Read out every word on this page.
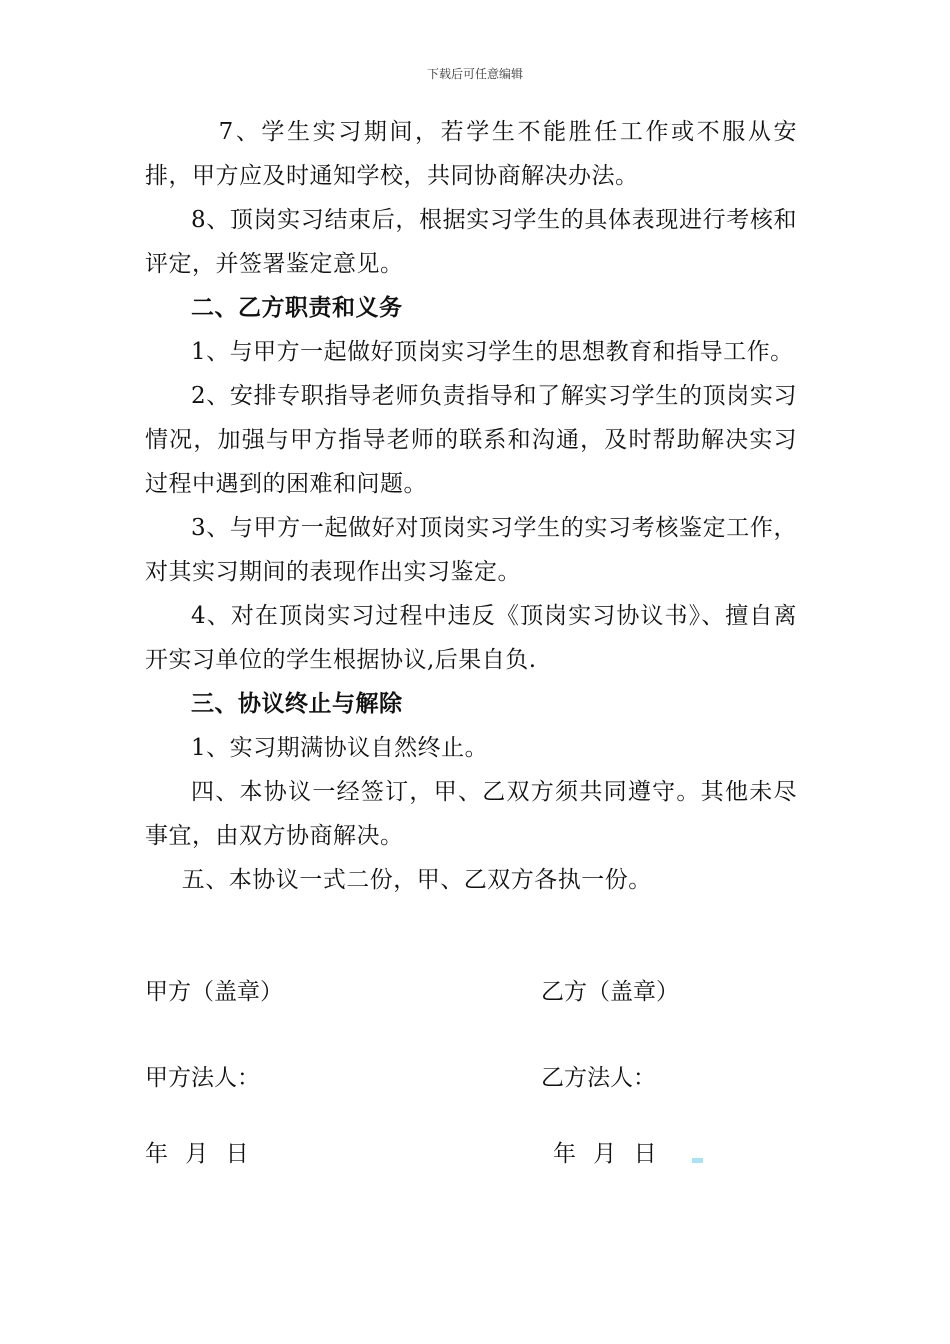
下载后可任意编辑

7、学生实习期间，若学生不能胜任工作或不服从安排，甲方应及时通知学校，共同协商解决办法。

8、顶岗实习结束后，根据实习学生的具体表现进行考核和评定，并签署鉴定意见。

二、乙方职责和义务

1、与甲方一起做好顶岗实习学生的思想教育和指导工作。

2、安排专职指导老师负责指导和了解实习学生的顶岗实习情况，加强与甲方指导老师的联系和沟通，及时帮助解决实习过程中遇到的困难和问题。

3、与甲方一起做好对顶岗实习学生的实习考核鉴定工作，对其实习期间的表现作出实习鉴定。

4、对在顶岗实习过程中违反《顶岗实习协议书》、擅自离开实习单位的学生根据协议,后果自负.

三、协议终止与解除

1、实习期满协议自然终止。

四、本协议一经签订，甲、乙双方须共同遵守。其他未尽事宜，由双方协商解决。

五、本协议一式二份，甲、乙双方各执一份。

甲方（盖章）	乙方（盖章）
甲方法人：	乙方法人：
年 月 日	年 月 日
